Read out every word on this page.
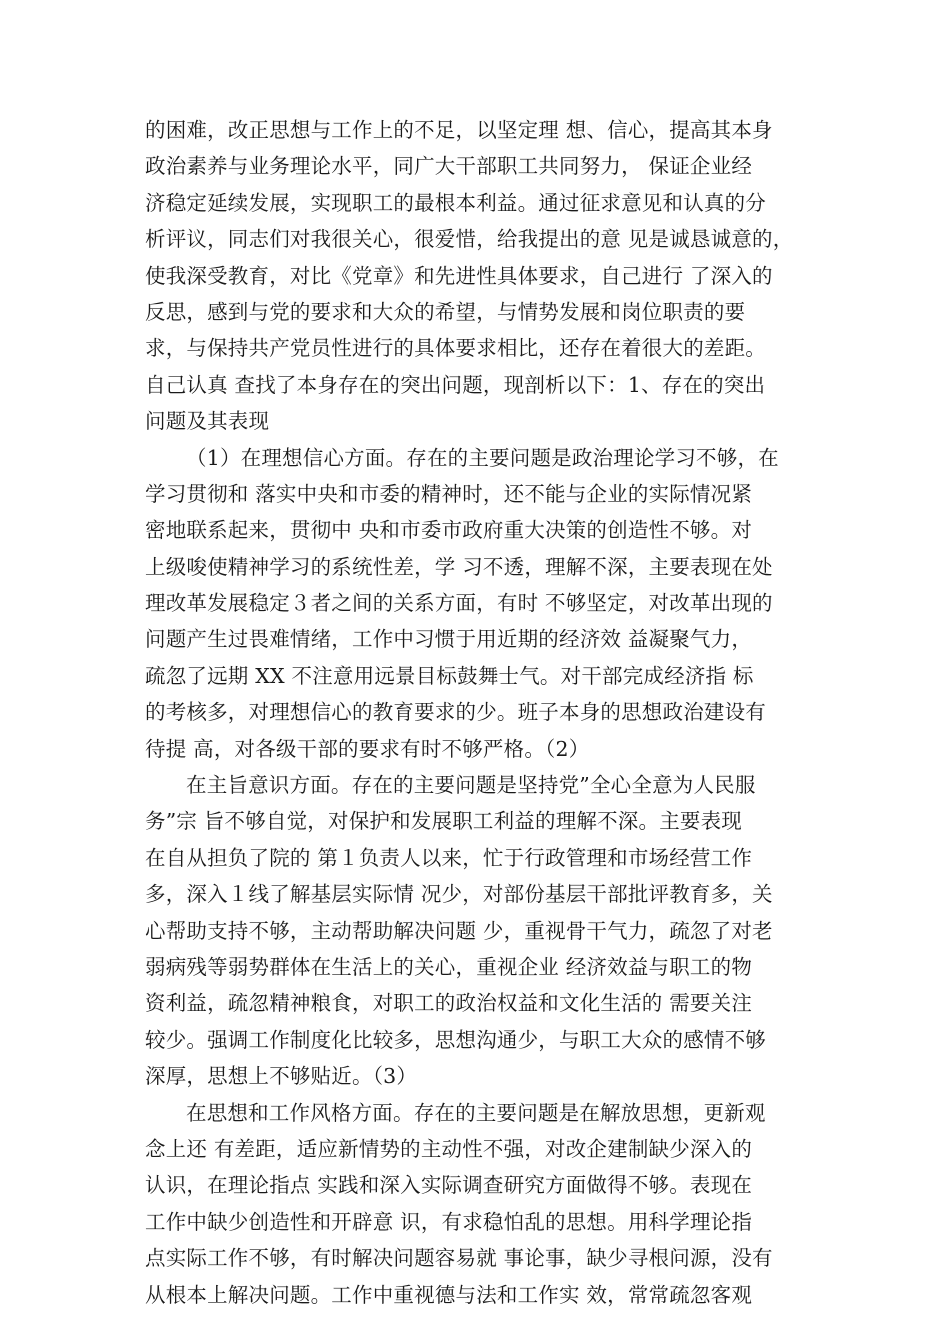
的困难，改正思想与工作上的不足，以坚定理 想、信心，提高其本身
政治素养与业务理论水平，同广大干部职工共同努力， 保证企业经
济稳定延续发展，实现职工的最根本利益。通过征求意见和认真的分
析评议，同志们对我很关心，很爱惜，给我提出的意 见是诚恳诚意的，
使我深受教育，对比《党章》和先进性具体要求，自己进行 了深入的
反思，感到与党的要求和大众的希望，与情势发展和岗位职责的要
求，与保持共产党员性进行的具体要求相比，还存在着很大的差距。
自己认真 查找了本身存在的突出问题，现剖析以下：1、存在的突出
问题及其表现
（1）在理想信心方面。存在的主要问题是政治理论学习不够，在
学习贯彻和 落实中央和市委的精神时，还不能与企业的实际情况紧
密地联系起来，贯彻中 央和市委市政府重大决策的创造性不够。对
上级唆使精神学习的系统性差，学 习不透，理解不深，主要表现在处
理改革发展稳定３者之间的关系方面，有时 不够坚定，对改革出现的
问题产生过畏难情绪，工作中习惯于用近期的经济效 益凝聚气力，
疏忽了远期 XX 不注意用远景目标鼓舞士气。对干部完成经济指 标
的考核多，对理想信心的教育要求的少。班子本身的思想政治建设有
待提 高，对各级干部的要求有时不够严格。（2）
在主旨意识方面。存在的主要问题是坚持党”全心全意为人民服
务”宗 旨不够自觉，对保护和发展职工利益的理解不深。主要表现
在自从担负了院的 第１负责人以来，忙于行政管理和市场经营工作
多，深入１线了解基层实际情 况少，对部份基层干部批评教育多，关
心帮助支持不够，主动帮助解决问题 少，重视骨干气力，疏忽了对老
弱病残等弱势群体在生活上的关心，重视企业 经济效益与职工的物
资利益，疏忽精神粮食，对职工的政治权益和文化生活的 需要关注
较少。强调工作制度化比较多，思想沟通少，与职工大众的感情不够
深厚，思想上不够贴近。（3）
在思想和工作风格方面。存在的主要问题是在解放思想，更新观
念上还 有差距，适应新情势的主动性不强，对改企建制缺少深入的
认识，在理论指点 实践和深入实际调查研究方面做得不够。表现在
工作中缺少创造性和开辟意 识，有求稳怕乱的思想。用科学理论指
点实际工作不够，有时解决问题容易就 事论事，缺少寻根问源，没有
从根本上解决问题。工作中重视德与法和工作实 效，常常疏忽客观
